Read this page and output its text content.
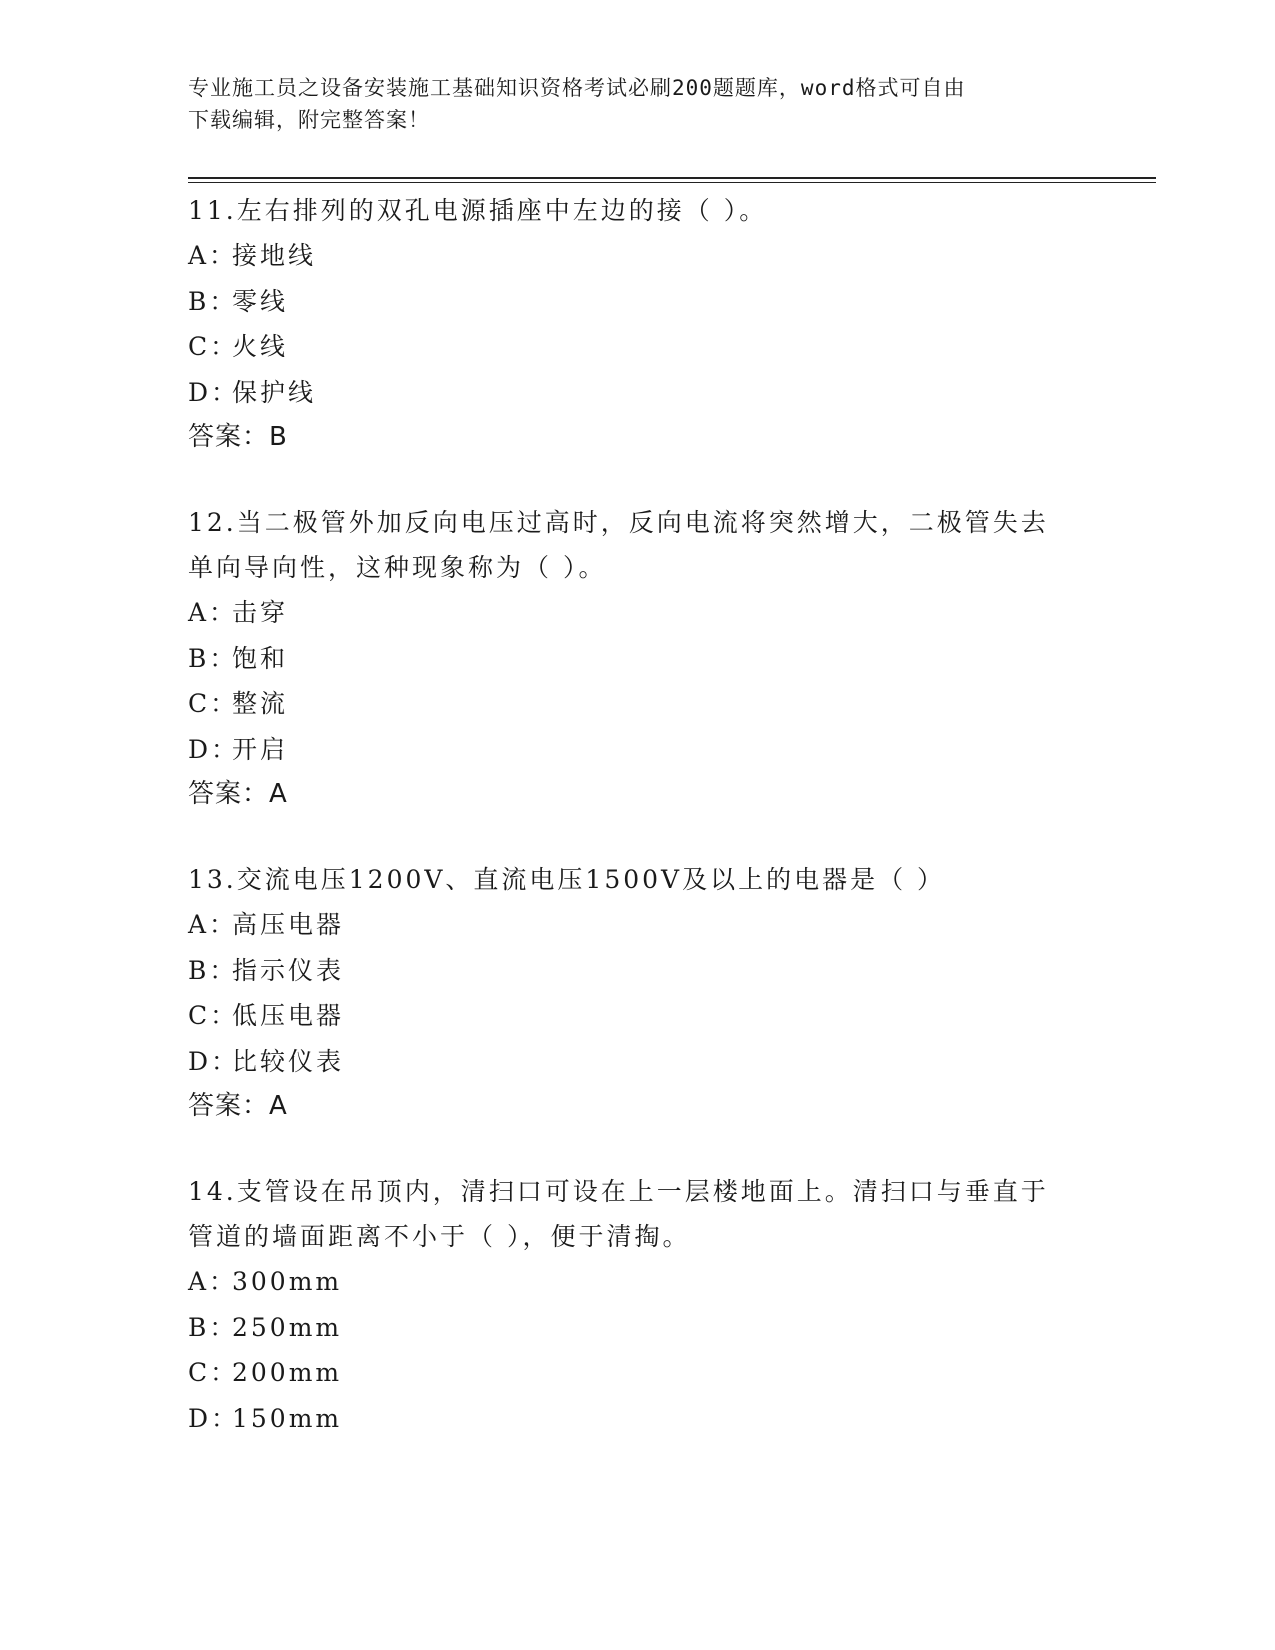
专业施工员之设备安装施工基础知识资格考试必刷200题题库，word格式可自由
下载编辑，附完整答案！
11.左右排列的双孔电源插座中左边的接（ ）。
A：接地线
B：零线
C：火线
D：保护线
答案：B
12.当二极管外加反向电压过高时，反向电流将突然增大，二极管失去
单向导向性，这种现象称为（ ）。
A：击穿
B：饱和
C：整流
D：开启
答案：A
13.交流电压1200V、直流电压1500V及以上的电器是（ ）
A：高压电器
B：指示仪表
C：低压电器
D：比较仪表
答案：A
14.支管设在吊顶内，清扫口可设在上一层楼地面上。清扫口与垂直于
管道的墙面距离不小于（ ），便于清掏。
A：300mm
B：250mm
C：200mm
D：150mm
